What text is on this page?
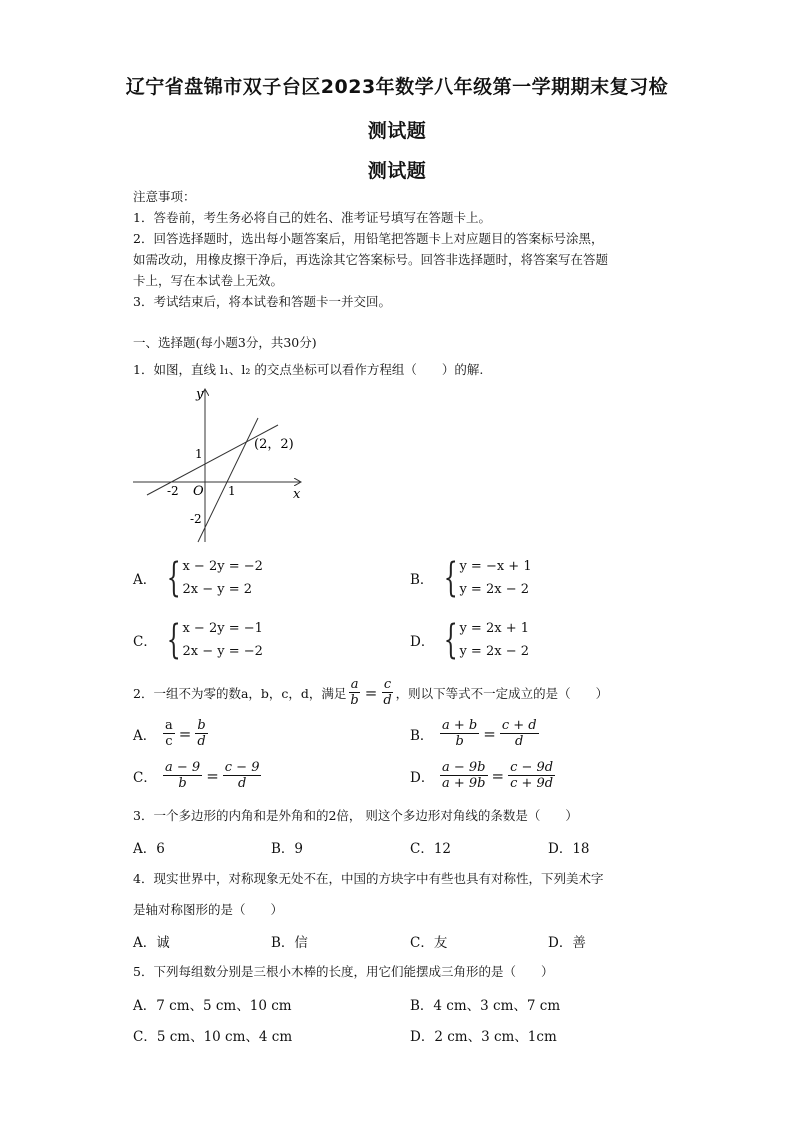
辽宁省盘锦市双子台区2023年数学八年级第一学期期末复习检
测试题
测试题
注意事项：
1．答卷前，考生务必将自己的姓名、准考证号填写在答题卡上。
2．回答选择题时，选出每小题答案后，用铅笔把答题卡上对应题目的答案标号涂黑，
如需改动，用橡皮擦干净后，再选涂其它答案标号。回答非选择题时，将答案写在答题
卡上，写在本试卷上无效。
3．考试结束后，将本试卷和答题卡一并交回。
一、选择题(每小题3分，共30分)
1．如图，直线 l₁、l₂ 的交点坐标可以看作方程组（　　）的解.
y
x
O
1
1
-2
-2
(2，2)
A． { x − 2y = −2
2x − y = 2
B． { y = −x + 1
y = 2x − 2
C． { x − 2y = −1
2x − y = −2
D． { y = 2x + 1
y = 2x − 2
2．一组不为零的数a，b，c，d，满足 $\frac{a}{b} = \frac{c}{d}$ ，则以下等式不一定成立的是（　　）
A． $\frac{a}{c} = \frac{b}{d}$	B． $\frac{a + b}{b} = \frac{c + d}{d}$
C． $\frac{a - 9}{b} = \frac{c - 9}{d}$	D． $\frac{a - 9b}{a + 9b} = \frac{c - 9d}{c + 9d}$
3．一个多边形的内角和是外角和的2倍， 则这个多边形对角线的条数是（　　）
A．6	B．9	C．12	D．18
4．现实世界中，对称现象无处不在，中国的方块字中有些也具有对称性，下列美术字
是轴对称图形的是（　　）
A．诚	B．信	C．友	D．善
5．下列每组数分别是三根小木棒的长度，用它们能摆成三角形的是（　　）
A．7 cm、5 cm、10 cm	B．4 cm、3 cm、7 cm
C．5 cm、10 cm、4 cm	D．2 cm、3 cm、1cm
